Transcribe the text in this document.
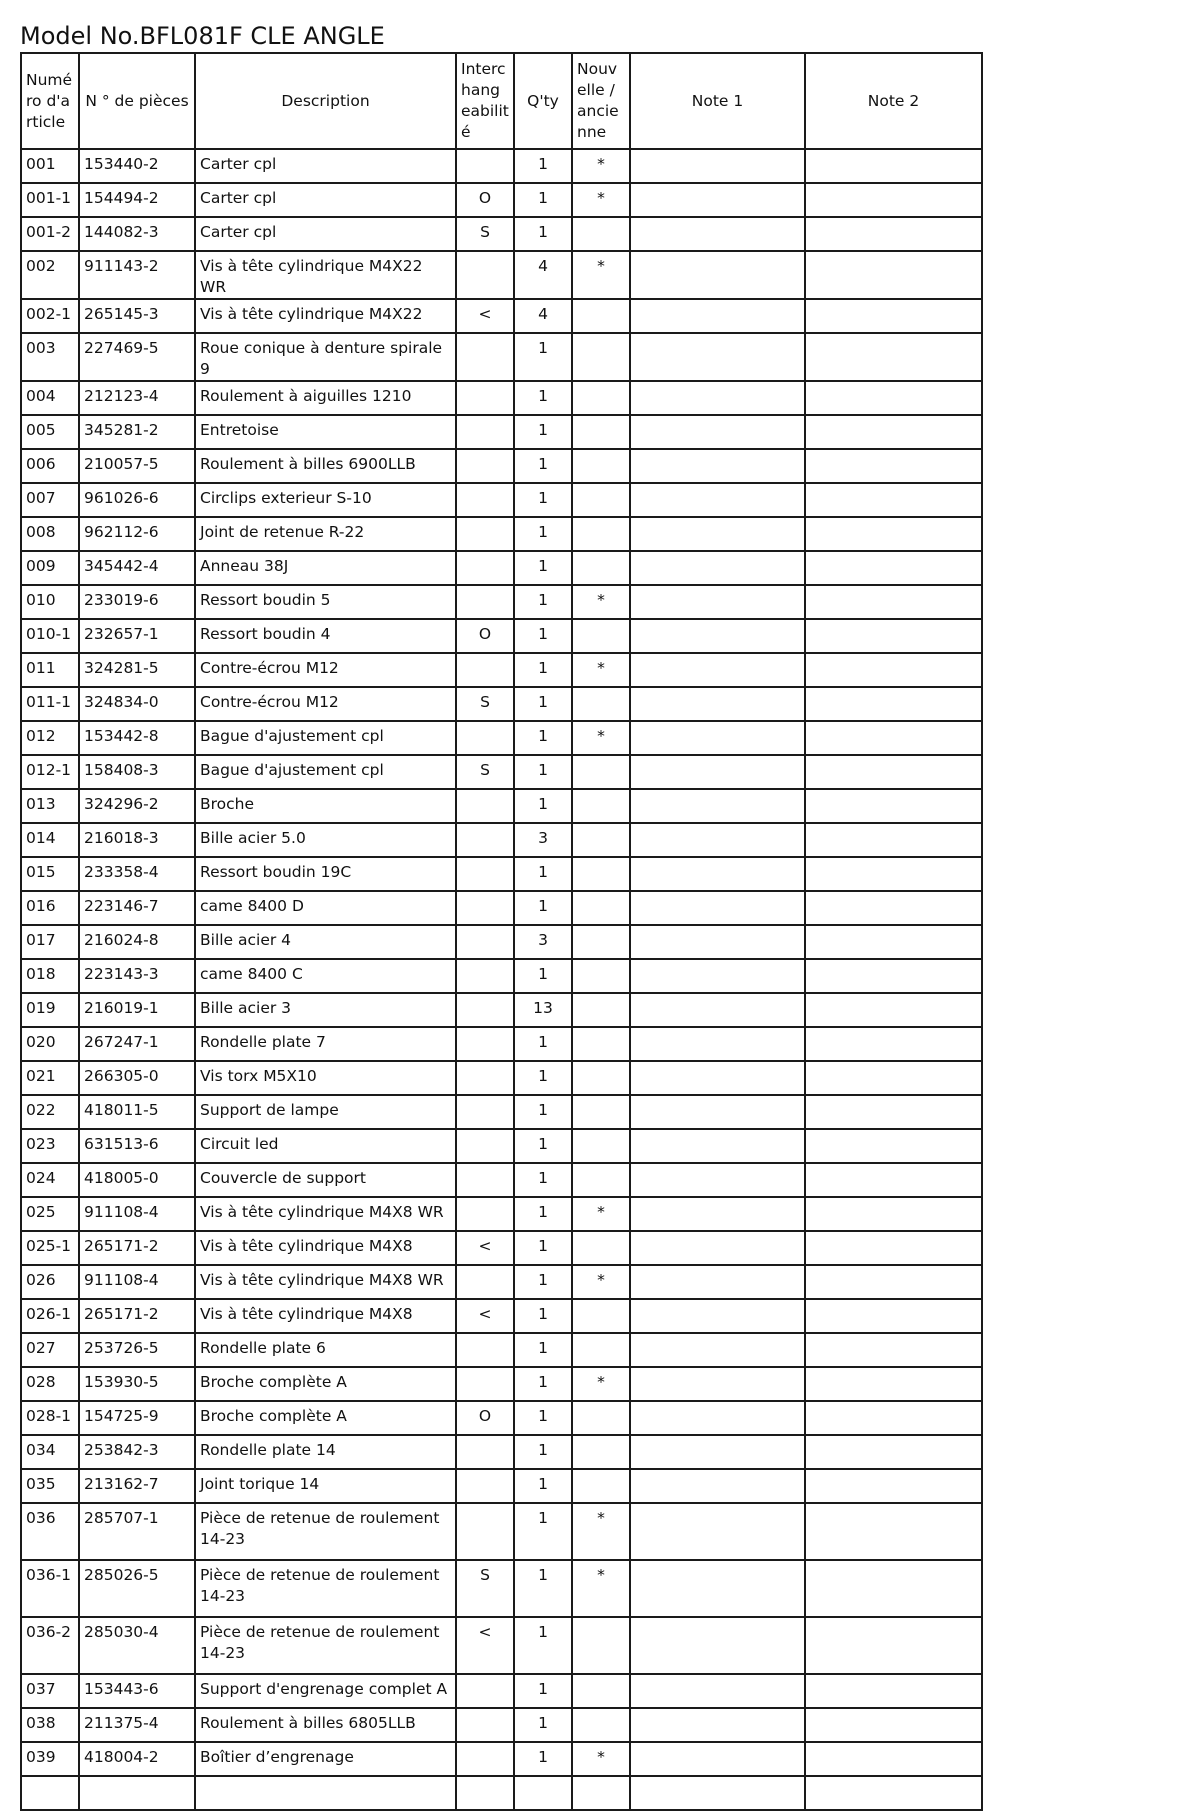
Model No.BFL081F CLE ANGLE
Numé ro d'a rticle	N ° de pièces	Description	Interc hang eabilit é	Q'ty	Nouv elle / ancie nne	Note 1	Note 2
001	153440-2	Carter cpl		1	*		
001-1	154494-2	Carter cpl	O	1	*		
001-2	144082-3	Carter cpl	S	1			
002	911143-2	Vis à tête cylindrique M4X22 WR		4	*		
002-1	265145-3	Vis à tête cylindrique M4X22	<	4			
003	227469-5	Roue conique à denture spirale 9		1			
004	212123-4	Roulement à aiguilles 1210		1			
005	345281-2	Entretoise		1			
006	210057-5	Roulement à billes 6900LLB		1			
007	961026-6	Circlips exterieur S-10		1			
008	962112-6	Joint de retenue R-22		1			
009	345442-4	Anneau 38J		1			
010	233019-6	Ressort boudin 5		1	*		
010-1	232657-1	Ressort boudin 4	O	1			
011	324281-5	Contre-écrou M12		1	*		
011-1	324834-0	Contre-écrou M12	S	1			
012	153442-8	Bague d'ajustement cpl		1	*		
012-1	158408-3	Bague d'ajustement cpl	S	1			
013	324296-2	Broche		1			
014	216018-3	Bille acier 5.0		3			
015	233358-4	Ressort boudin 19C		1			
016	223146-7	came 8400 D		1			
017	216024-8	Bille acier 4		3			
018	223143-3	came 8400 C		1			
019	216019-1	Bille acier 3		13			
020	267247-1	Rondelle plate 7		1			
021	266305-0	Vis torx M5X10		1			
022	418011-5	Support de lampe		1			
023	631513-6	Circuit led		1			
024	418005-0	Couvercle de support		1			
025	911108-4	Vis à tête cylindrique M4X8 WR		1	*		
025-1	265171-2	Vis à tête cylindrique M4X8	<	1			
026	911108-4	Vis à tête cylindrique M4X8 WR		1	*		
026-1	265171-2	Vis à tête cylindrique M4X8	<	1			
027	253726-5	Rondelle plate 6		1			
028	153930-5	Broche complète A		1	*		
028-1	154725-9	Broche complète A	O	1			
034	253842-3	Rondelle plate 14		1			
035	213162-7	Joint torique 14		1			
036	285707-1	Pièce de retenue de roulement 14-23		1	*		
036-1	285026-5	Pièce de retenue de roulement 14-23	S	1	*		
036-2	285030-4	Pièce de retenue de roulement 14-23	<	1			
037	153443-6	Support d'engrenage complet A		1			
038	211375-4	Roulement à billes 6805LLB		1			
039	418004-2	Boîtier d’engrenage		1	*		
